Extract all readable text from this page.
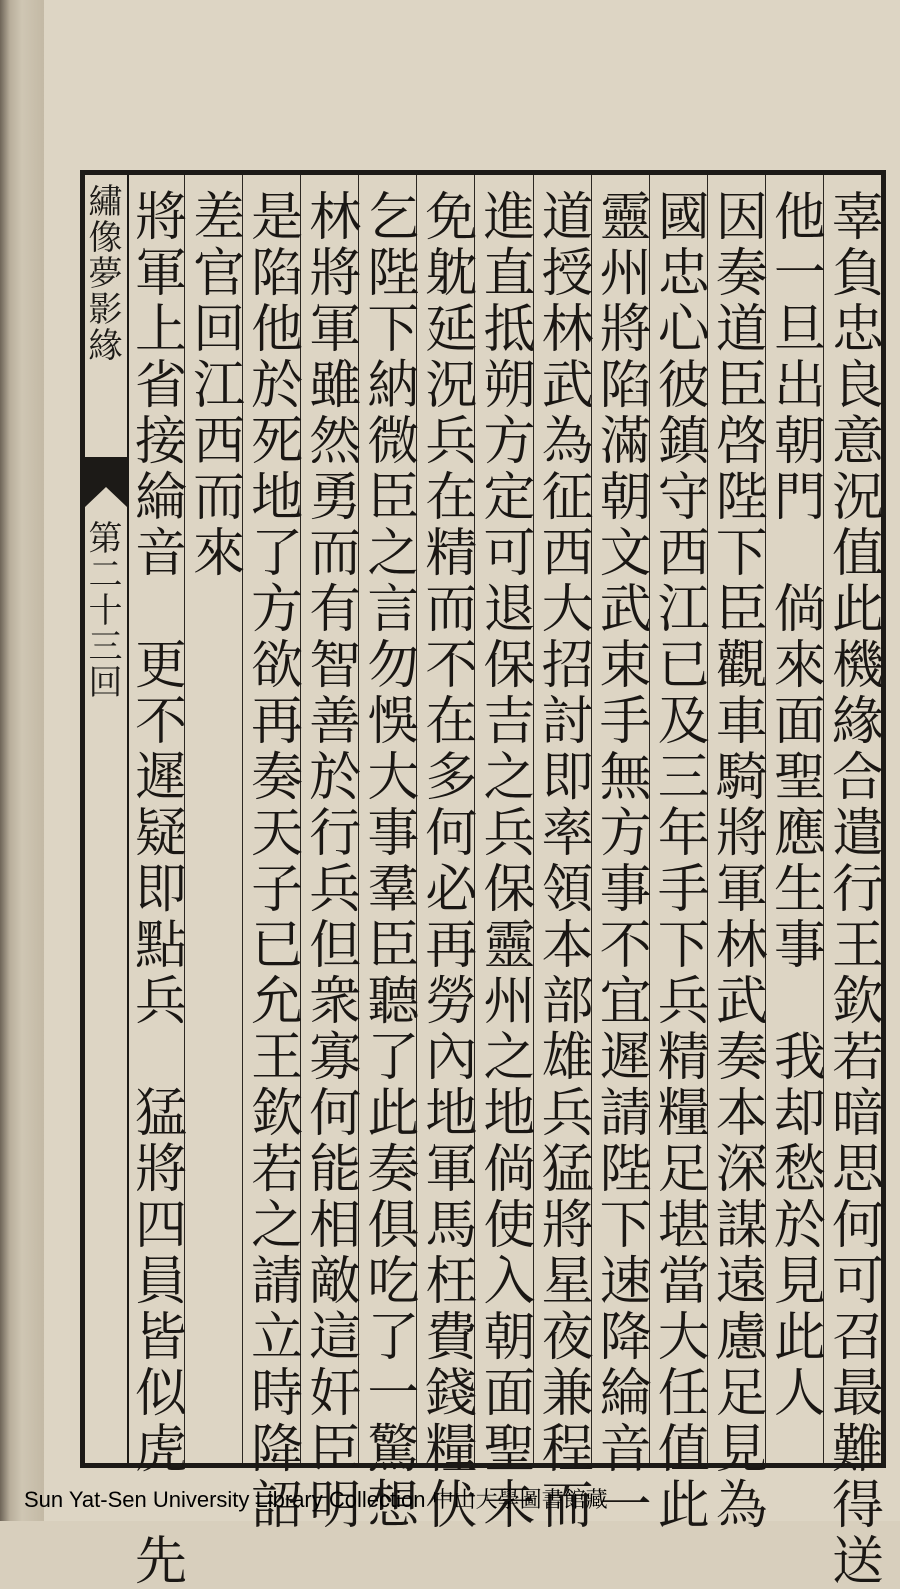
繡像夢影緣
第二十三回	辜負忠良意況值此機緣合遣行王欽若暗思何可召最難得送
他一旦出朝門　倘來面聖應生事　我却愁於見此人
因奏道臣啓陛下臣觀車騎將軍林武奏本深謀遠慮足見為
國忠心彼鎮守西江已及三年手下兵精糧足堪當大任值此
靈州將陷滿朝文武束手無方事不宜遲請陛下速降綸音一
道授林武為征西大招討即率領本部雄兵猛將星夜兼程而
進直抵朔方定可退保吉之兵保靈州之地倘使入朝面聖未
免躭延況兵在精而不在多何必再勞內地軍馬枉費錢糧伏
乞陛下納微臣之言勿悞大事羣臣聽了此奏俱吃了一驚想
林將軍雖然勇而有智善於行兵但衆寡何能相敵這奸臣明
是陷他於死地了方欲再奏天子已允王欽若之請立時降詔
差官回江西而來
將軍上省接綸音　更不遲疑即點兵　猛將四員皆似虎　先
Sun Yat-Sen University Library Collection 中山大學圖書館藏
